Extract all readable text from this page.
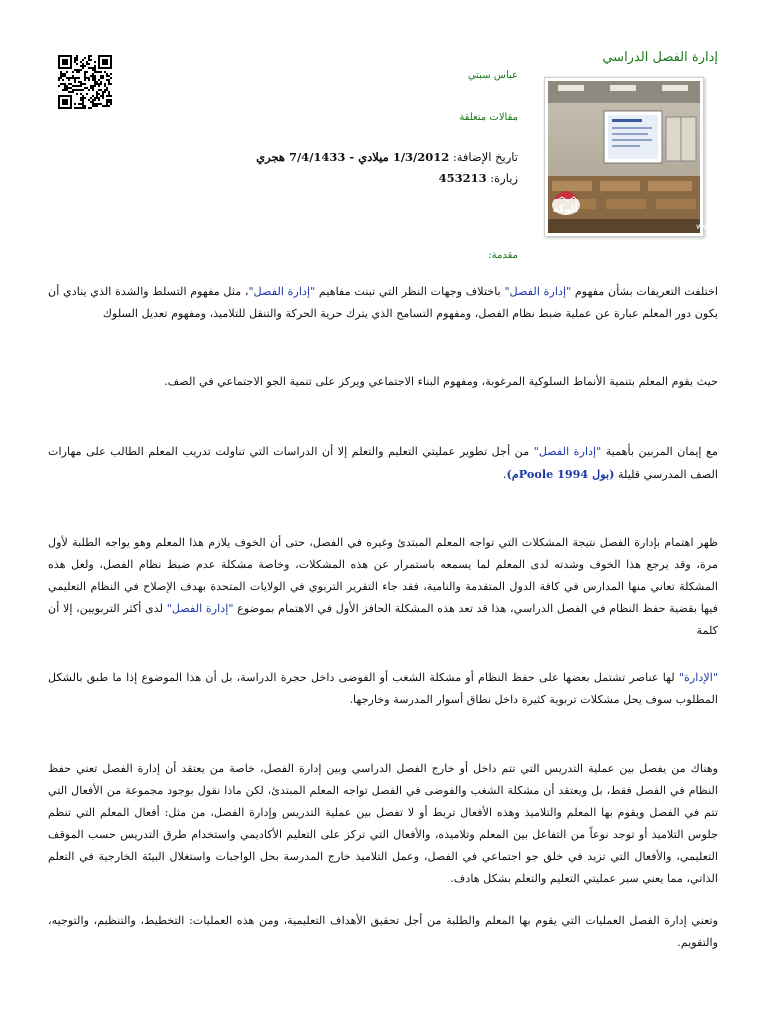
إدارة الفصل الدراسي
أَلوكة
www.alukah.net
عباس سبتي
مقالات متعلقة
تاريخ الإضافة: 1/3/2012 ميلادي - 7/4/1433 هجري
زيارة: 453213
مقدمة:

اختلفت التعريفات بشأن مفهوم "إدارة الفصل" باختلاف وجهات النظر التي تبنت مفاهيم "إدارة الفصل"، مثل مفهوم التسلط والشدة الذي ينادي أن يكون دور المعلم عبارة عن عملية ضبط نظام الفصل، ومفهوم التسامح الذي يترك حرية الحركة والتنقل للتلاميذ، ومفهوم تعديل السلوك

حيث يقوم المعلم بتنمية الأنماط السلوكية المرغوبة، ومفهوم البناء الاجتماعي ويركز على تنمية الجو الاجتماعي في الصف.

مع إيمان المربين بأهمية "إدارة الفصل" من أجل تطوير عمليتي التعليم والتعلم إلا أن الدراسات التي تناولت تدريب المعلم الطالب على مهارات الصف المدرسي قليلة (بول Poole 1994م).

ظهر اهتمام بإدارة الفصل نتيجة المشكلات التي تواجه المعلم المبتدئ وغيره في الفصل، حتى أن الخوف يلازم هذا المعلم وهو يواجه الطلبة لأول مرة، وقد يرجع هذا الخوف وشدته لدى المعلم لما يسمعه باستمرار عن هذه المشكلات، وخاصة مشكلة عدم ضبط نظام الفصل، ولعل هذه المشكلة تعاني منها المدارس في كافة الدول المتقدمة والنامية، فقد جاء التقرير التربوي في الولايات المتحدة بهدف الإصلاح في النظام التعليمي فيها بقضية حفظ النظام في الفصل الدراسي، هذا قد تعد هذه المشكلة الحافز الأول في الاهتمام بموضوع "إدارة الفصل" لدى أكثر التربويين، إلا أن كلمة

"الإدارة" لها عناصر تشتمل بعضها على حفظ النظام أو مشكلة الشغب أو الفوضى داخل حجرة الدراسة، بل أن هذا الموضوع إذا ما طبق بالشكل المطلوب سوف يحل مشكلات تربوية كثيرة داخل نطاق أسوار المدرسة وخارجها.

وهناك من يفصل بين عملية التدريس التي تتم داخل أو خارج الفصل الدراسي وبين إدارة الفصل، خاصة من يعتقد أن إدارة الفصل تعني حفظ النظام في الفصل فقط، بل ويعتقد أن مشكلة الشغب والفوضى في الفصل تواجه المعلم المبتدئ، لكن ماذا نقول بوجود مجموعة من الأفعال التي تتم في الفصل ويقوم بها المعلم والتلاميذ وهذه الأفعال تربط أو لا تفصل بين عملية التدريس وإدارة الفصل، من مثل: أفعال المعلم التي تنظم جلوس التلاميذ أو توجد نوعاً من التفاعل بين المعلم وتلاميذه، والأفعال التي تركز على التعليم الأكاديمي واستخدام طرق التدريس حسب الموقف التعليمي، والأفعال التي تزيد في خلق جو اجتماعي في الفصل، وعمل التلاميذ خارج المدرسة بحل الواجبات واستغلال البيئة الخارجية في التعلم الذاتي، مما يعني سير عمليتي التعليم والتعلم بشكل هادف.

وتعني إدارة الفصل العمليات التي يقوم بها المعلم والطلبة من أجل تحقيق الأهداف التعليمية، ومن هذه العمليات: التخطيط، والتنظيم، والتوجيه، والتقويم.
